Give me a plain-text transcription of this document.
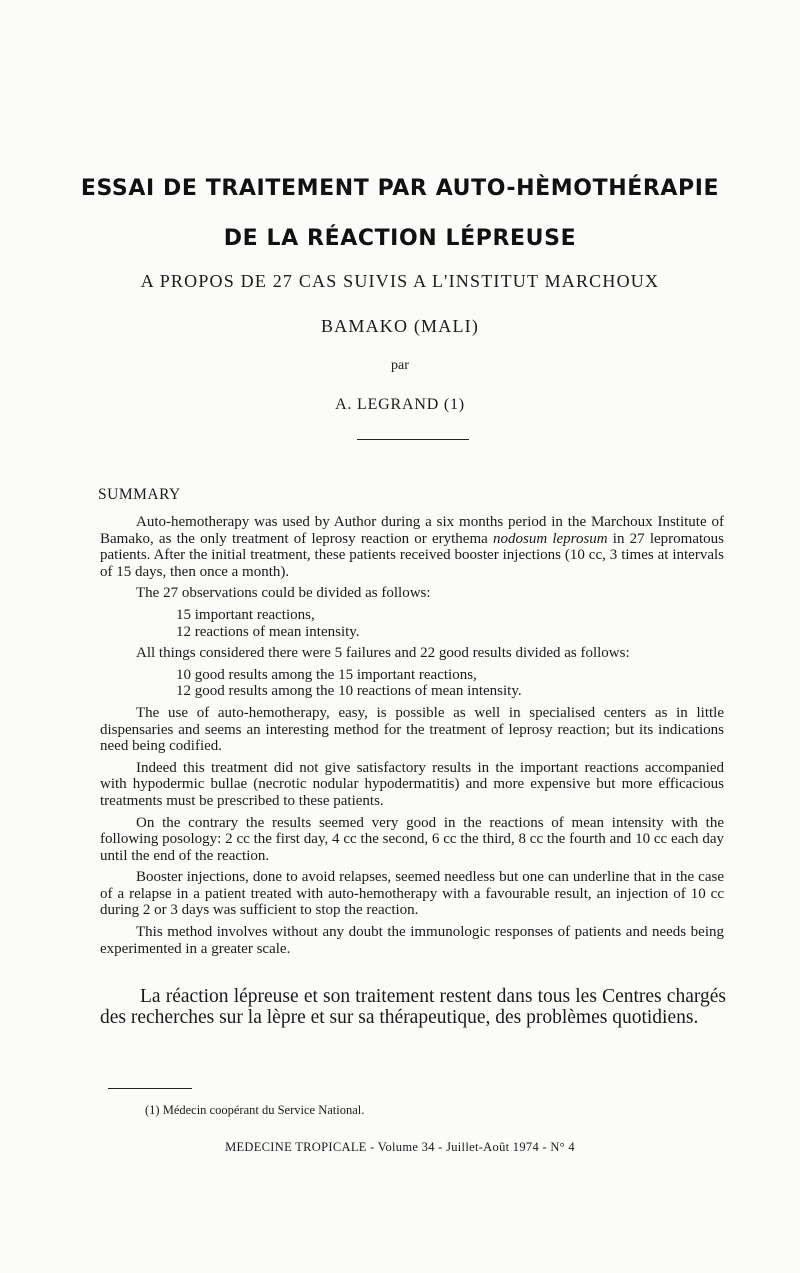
ESSAI DE TRAITEMENT PAR AUTO-HÈMOTHÉRAPIE
DE LA RÉACTION LÉPREUSE
A PROPOS DE 27 CAS SUIVIS A L'INSTITUT MARCHOUX
BAMAKO (MALI)
par
A. LEGRAND (1)
SUMMARY

Auto-hemotherapy was used by Author during a six months period in the Marchoux Institute of Bamako, as the only treatment of leprosy reaction or erythema nodosum leprosum in 27 lepromatous patients. After the initial treatment, these patients received booster injections (10 cc, 3 times at intervals of 15 days, then once a month).

The 27 observations could be divided as follows:

15 important reactions,
12 reactions of mean intensity.

All things considered there were 5 failures and 22 good results divided as follows:

10 good results among the 15 important reactions,
12 good results among the 10 reactions of mean intensity.

The use of auto-hemotherapy, easy, is possible as well in specialised centers as in little dispensaries and seems an interesting method for the treatment of leprosy reaction; but its indications need being codified.

Indeed this treatment did not give satisfactory results in the important reactions accompanied with hypodermic bullae (necrotic nodular hypodermatitis) and more expensive but more efficacious treatments must be prescribed to these patients.

On the contrary the results seemed very good in the reactions of mean intensity with the following posology: 2 cc the first day, 4 cc the second, 6 cc the third, 8 cc the fourth and 10 cc each day until the end of the reaction.

Booster injections, done to avoid relapses, seemed needless but one can underline that in the case of a relapse in a patient treated with auto-hemotherapy with a favourable result, an injection of 10 cc during 2 or 3 days was sufficient to stop the reaction.

This method involves without any doubt the immunologic responses of patients and needs being experimented in a greater scale.

La réaction lépreuse et son traitement restent dans tous les Centres chargés des recherches sur la lèpre et sur sa thérapeutique, des problèmes quotidiens.
(1) Médecin coopérant du Service National.
MEDECINE TROPICALE - Volume 34 - Juillet-Août 1974 - N° 4
